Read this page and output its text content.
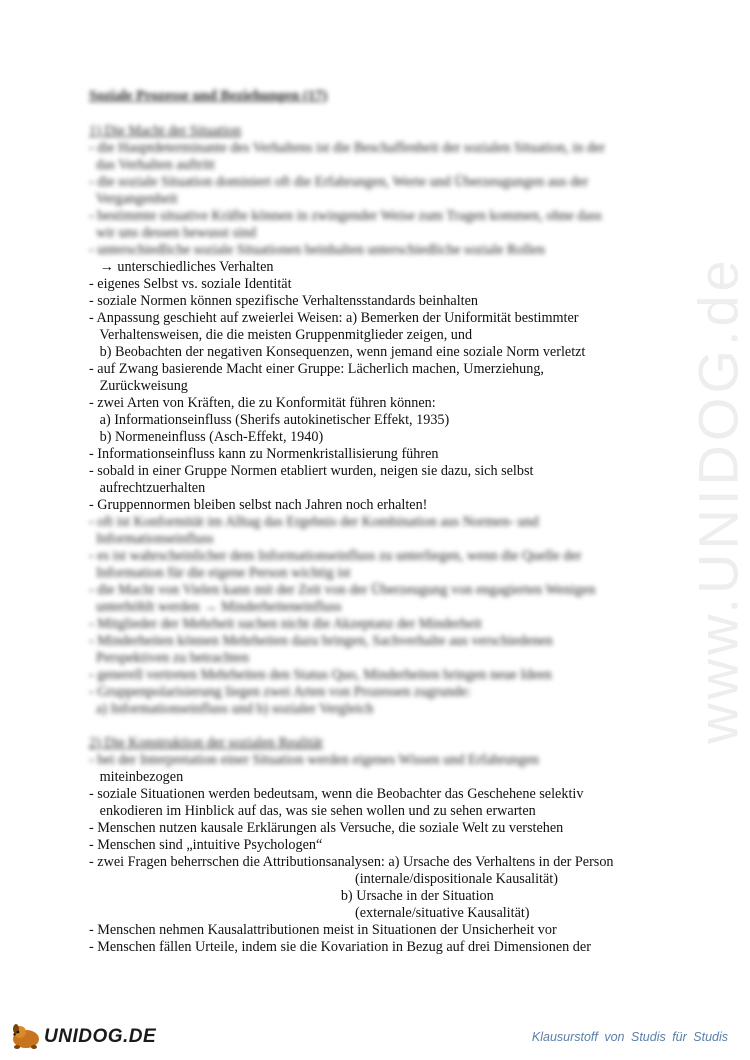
www.UNIDOG.de
Soziale Prozesse und Beziehungen (17)
1) Die Macht der Situation
- die Hauptdeterminante des Verhaltens ist die Beschaffenheit der sozialen Situation, in der
das Verhalten auftritt
- die soziale Situation dominiert oft die Erfahrungen, Werte und Überzeugungen aus der
Vergangenheit
- bestimmte situative Kräfte können in zwingender Weise zum Tragen kommen, ohne dass
wir uns dessen bewusst sind
- unterschiedliche soziale Situationen beinhalten unterschiedliche soziale Rollen
→ unterschiedliches Verhalten
- eigenes Selbst vs. soziale Identität
- soziale Normen können spezifische Verhaltensstandards beinhalten
- Anpassung geschieht auf zweierlei Weisen: a) Bemerken der Uniformität bestimmter
Verhaltensweisen, die die meisten Gruppenmitglieder zeigen, und
b) Beobachten der negativen Konsequenzen, wenn jemand eine soziale Norm verletzt
- auf Zwang basierende Macht einer Gruppe: Lächerlich machen, Umerziehung,
Zurückweisung
- zwei Arten von Kräften, die zu Konformität führen können:
a) Informationseinfluss (Sherifs autokinetischer Effekt, 1935)
b) Normeneinfluss (Asch-Effekt, 1940)
- Informationseinfluss kann zu Normenkristallisierung führen
- sobald in einer Gruppe Normen etabliert wurden, neigen sie dazu, sich selbst
aufrechtzuerhalten
- Gruppennormen bleiben selbst nach Jahren noch erhalten!
- oft ist Konformität im Alltag das Ergebnis der Kombination aus Normen- und
Informationseinfluss
- es ist wahrscheinlicher dem Informationseinfluss zu unterliegen, wenn die Quelle der
Information für die eigene Person wichtig ist
- die Macht von Vielen kann mit der Zeit von der Überzeugung von engagierten Wenigen
unterhöhlt werden → Minderheiteneinfluss
- Mitglieder der Mehrheit suchen nicht die Akzeptanz der Minderheit
- Minderheiten können Mehrheiten dazu bringen, Sachverhalte aus verschiedenen
Perspektiven zu betrachten
- generell vertreten Mehrheiten den Status Quo, Minderheiten bringen neue Ideen
- Gruppenpolarisierung liegen zwei Arten von Prozessen zugrunde:
a) Informationseinfluss und b) sozialer Vergleich
2) Die Konstruktion der sozialen Realität
- bei der Interpretation einer Situation werden eigenes Wissen und Erfahrungen
miteinbezogen
- soziale Situationen werden bedeutsam, wenn die Beobachter das Geschehene selektiv
enkodieren im Hinblick auf das, was sie sehen wollen und zu sehen erwarten
- Menschen nutzen kausale Erklärungen als Versuche, die soziale Welt zu verstehen
- Menschen sind „intuitive Psychologen“
- zwei Fragen beherrschen die Attributionsanalysen: a) Ursache des Verhaltens in der Person
(internale/dispositionale Kausalität)
b) Ursache in der Situation
(externale/situative Kausalität)
- Menschen nehmen Kausalattributionen meist in Situationen der Unsicherheit vor
- Menschen fällen Urteile, indem sie die Kovariation in Bezug auf drei Dimensionen der
UNIDOG.DE	Klausurstoff von Studis für Studis
